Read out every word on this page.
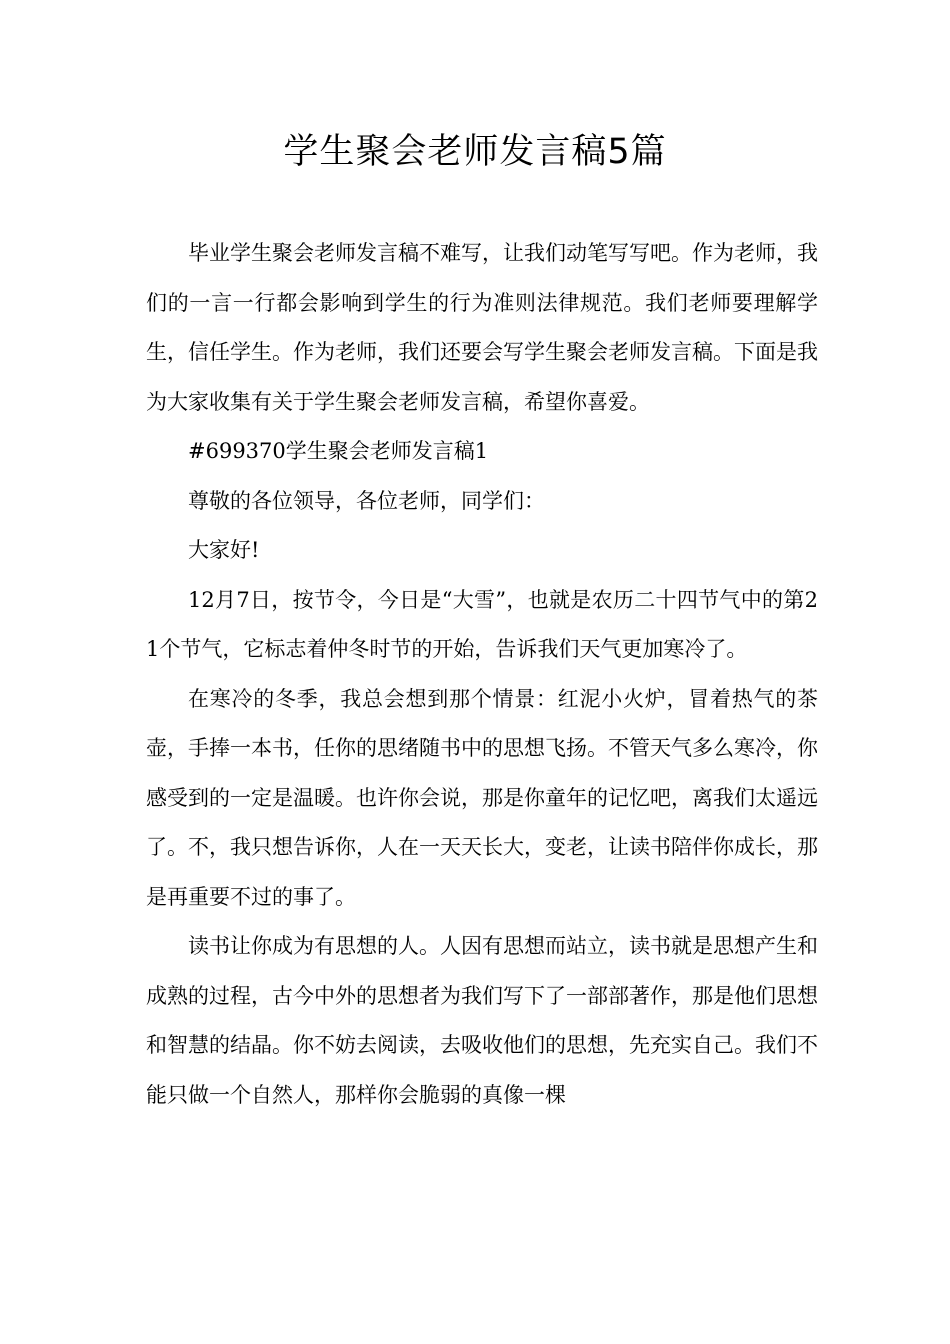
学生聚会老师发言稿5篇

毕业学生聚会老师发言稿不难写，让我们动笔写写吧。作为老师，我们的一言一行都会影响到学生的行为准则法律规范。我们老师要理解学生，信任学生。作为老师，我们还要会写学生聚会老师发言稿。下面是我为大家收集有关于学生聚会老师发言稿，希望你喜爱。

#699370学生聚会老师发言稿1

尊敬的各位领导，各位老师，同学们：

大家好!

12月7日，按节令，今日是“大雪”，也就是农历二十四节气中的第21个节气，它标志着仲冬时节的开始，告诉我们天气更加寒冷了。

在寒冷的冬季，我总会想到那个情景：红泥小火炉，冒着热气的茶壶，手捧一本书，任你的思绪随书中的思想飞扬。不管天气多么寒冷，你感受到的一定是温暖。也许你会说，那是你童年的记忆吧，离我们太遥远了。不，我只想告诉你，人在一天天长大，变老，让读书陪伴你成长，那是再重要不过的事了。

读书让你成为有思想的人。人因有思想而站立，读书就是思想产生和成熟的过程，古今中外的思想者为我们写下了一部部著作，那是他们思想和智慧的结晶。你不妨去阅读，去吸收他们的思想，先充实自己。我们不能只做一个自然人，那样你会脆弱的真像一棵
